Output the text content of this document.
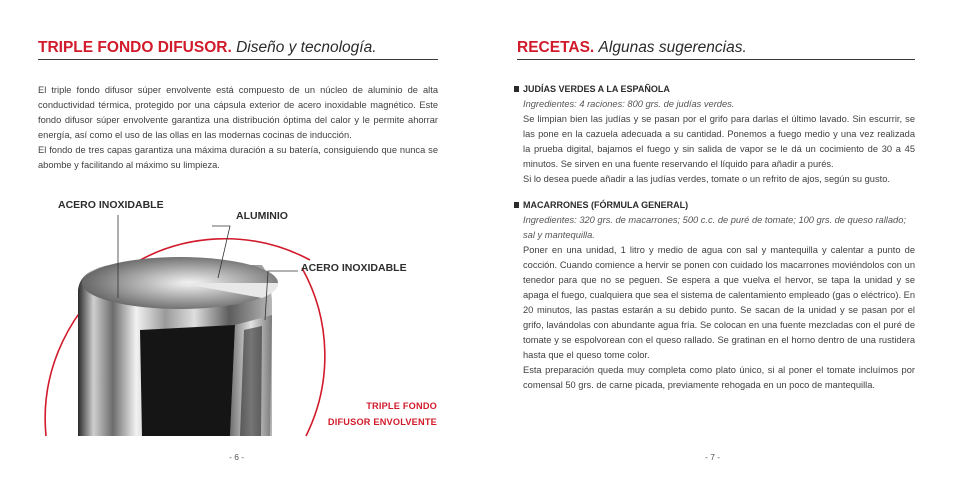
TRIPLE FONDO DIFUSOR. Diseño y tecnología.

El triple fondo difusor súper envolvente está compuesto de un núcleo de aluminio de alta conductividad térmica, protegido por una cápsula exterior de acero inoxidable magnético. Este fondo difusor súper envolvente garantiza una distribución óptima del calor y le permite ahorrar energía, así como el uso de las ollas en las modernas cocinas de inducción.

El fondo de tres capas garantiza una máxima duración a su batería, consiguiendo que nunca se abombe y facilitando al máximo su limpieza.

ACERO INOXIDABLE
ALUMINIO
ACERO INOXIDABLE
TRIPLE FONDO
DIFUSOR ENVOLVENTE
- 6 -
RECETAS. Algunas sugerencias.
JUDÍAS VERDES A LA ESPAÑOLA
Ingredientes: 4 raciones: 800 grs. de judías verdes.

Se limpian bien las judías y se pasan por el grifo para darlas el último lavado. Sin escurrir, se las pone en la cazuela adecuada a su cantidad. Ponemos a fuego medio y una vez realizada la prueba digital, bajamos el fuego y sin salida de vapor se le dá un cocimiento de 30 a 45 minutos. Se sirven en una fuente reservando el líquido para añadir a purés.

Si lo desea puede añadir a las judías verdes, tomate o un refrito de ajos, según su gusto.

MACARRONES (FÓRMULA GENERAL)
Ingredientes: 320 grs. de macarrones; 500 c.c. de puré de tomate; 100 grs. de queso rallado; sal y mantequilla.

Poner en una unidad, 1 litro y medio de agua con sal y mantequilla y calentar a punto de cocción. Cuando comience a hervir se ponen con cuidado los macarrones moviéndolos con un tenedor para que no se peguen. Se espera a que vuelva el hervor, se tapa la unidad y se apaga el fuego, cualquiera que sea el sistema de calentamiento empleado (gas o eléctrico). En 20 minutos, las pastas estarán a su debido punto. Se sacan de la unidad y se pasan por el grifo, lavándolas con abundante agua fría. Se colocan en una fuente mezcladas con el puré de tomate y se espolvorean con el queso rallado. Se gratinan en el horno dentro de una rustidera hasta que el queso tome color.

Esta preparación queda muy completa como plato único, si al poner el tomate incluímos por comensal 50 grs. de carne picada, previamente rehogada en un poco de mantequilla.

- 7 -
